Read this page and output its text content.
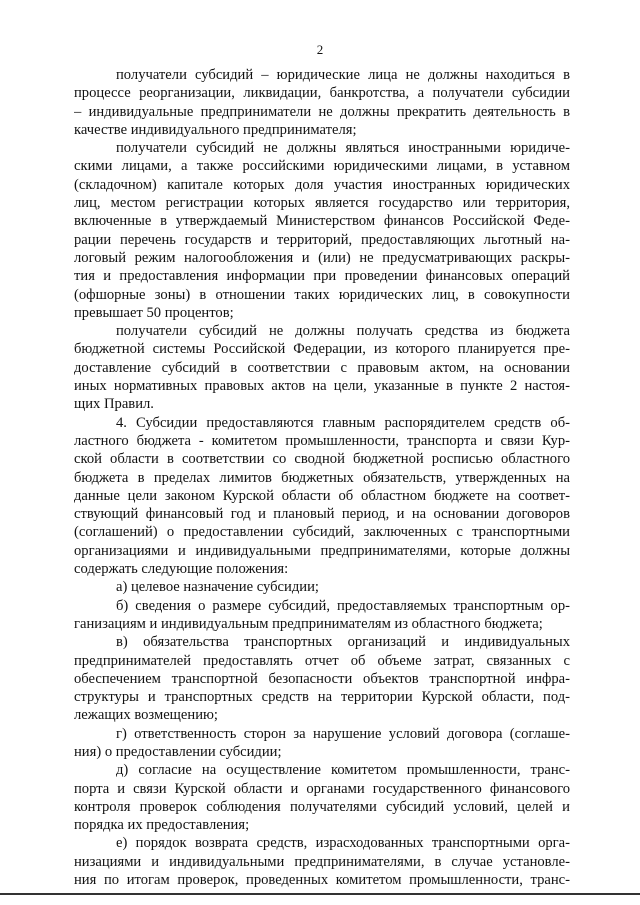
2
получатели субсидий – юридические лица не должны находиться в
процессе реорганизации, ликвидации, банкротства, а получатели субсидии
– индивидуальные предприниматели не должны прекратить деятельность в
качестве индивидуального предпринимателя;
получатели субсидий не должны являться иностранными юридиче-
скими лицами, а также российскими юридическими лицами, в уставном
(складочном) капитале которых доля участия иностранных юридических
лиц, местом регистрации которых является государство или территория,
включенные в утверждаемый Министерством финансов Российской Феде-
рации перечень государств и территорий, предоставляющих льготный на-
логовый режим налогообложения и (или) не предусматривающих раскры-
тия и предоставления информации при проведении финансовых операций
(офшорные зоны) в отношении таких юридических лиц, в совокупности
превышает 50 процентов;
получатели субсидий не должны получать средства из бюджета
бюджетной системы Российской Федерации, из которого планируется пре-
доставление субсидий в соответствии с правовым актом, на основании
иных нормативных правовых актов на цели, указанные в пункте 2 настоя-
щих Правил.
4. Субсидии предоставляются главным распорядителем средств об-
ластного бюджета - комитетом промышленности, транспорта и связи Кур-
ской области в соответствии со сводной бюджетной росписью областного
бюджета в пределах лимитов бюджетных обязательств, утвержденных на
данные цели законом Курской области об областном бюджете на соответ-
ствующий финансовый год и плановый период, и на основании договоров
(соглашений) о предоставлении субсидий, заключенных с транспортными
организациями и индивидуальными предпринимателями, которые должны
содержать следующие положения:
а) целевое назначение субсидии;
б) сведения о размере субсидий, предоставляемых транспортным ор-
ганизациям и индивидуальным предпринимателям из областного бюджета;
в) обязательства транспортных организаций и индивидуальных
предпринимателей предоставлять отчет об объеме затрат, связанных с
обеспечением транспортной безопасности объектов транспортной инфра-
структуры и транспортных средств на территории Курской области, под-
лежащих возмещению;
г) ответственность сторон за нарушение условий договора (соглаше-
ния) о предоставлении субсидии;
д) согласие на осуществление комитетом промышленности, транс-
порта и связи Курской области и органами государственного финансового
контроля проверок соблюдения получателями субсидий условий, целей и
порядка их предоставления;
е) порядок возврата средств, израсходованных транспортными орга-
низациями и индивидуальными предпринимателями, в случае установле-
ния по итогам проверок, проведенных комитетом промышленности, транс-
